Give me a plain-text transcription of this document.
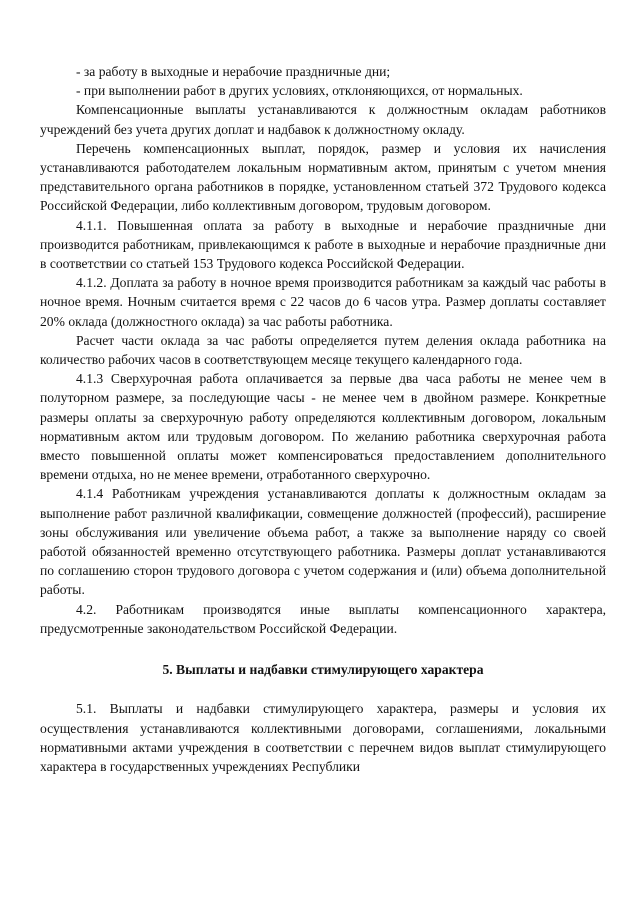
- за работу в выходные и нерабочие праздничные дни;

- при выполнении работ в других условиях, отклоняющихся, от нормальных.

Компенсационные выплаты устанавливаются к должностным окладам работников учреждений без учета других доплат и надбавок к должностному окладу.

Перечень компенсационных выплат, порядок, размер и условия их начисления устанавливаются работодателем локальным нормативным актом, принятым с учетом мнения представительного органа работников в порядке, установленном статьей 372 Трудового кодекса Российской Федерации, либо коллективным договором, трудовым договором.

4.1.1. Повышенная оплата за работу в выходные и нерабочие праздничные дни производится работникам, привлекающимся к работе в выходные и нерабочие праздничные дни в соответствии со статьей 153 Трудового кодекса Российской Федерации.

4.1.2. Доплата за работу в ночное время производится работникам за каждый час работы в ночное время. Ночным считается время с 22 часов до 6 часов утра. Размер доплаты составляет 20% оклада (должностного оклада) за час работы работника.

Расчет части оклада за час работы определяется путем деления оклада работника на количество рабочих часов в соответствующем месяце текущего календарного года.

4.1.3 Сверхурочная работа оплачивается за первые два часа работы не менее чем в полуторном размере, за последующие часы - не менее чем в двойном размере. Конкретные размеры оплаты за сверхурочную работу определяются коллективным договором, локальным нормативным актом или трудовым договором. По желанию работника сверхурочная работа вместо повышенной оплаты может компенсироваться предоставлением дополнительного времени отдыха, но не менее времени, отработанного сверхурочно.

4.1.4 Работникам учреждения устанавливаются доплаты к должностным окладам за выполнение работ различной квалификации, совмещение должностей (профессий), расширение зоны обслуживания или увеличение объема работ, а также за выполнение наряду со своей работой обязанностей временно отсутствующего работника. Размеры доплат устанавливаются по соглашению сторон трудового договора с учетом содержания и (или) объема дополнительной работы.

4.2. Работникам производятся иные выплаты компенсационного характера, предусмотренные законодательством Российской Федерации.

5. Выплаты и надбавки стимулирующего характера

5.1. Выплаты и надбавки стимулирующего характера, размеры и условия их осуществления устанавливаются коллективными договорами, соглашениями, локальными нормативными актами учреждения в соответствии с перечнем видов выплат стимулирующего характера в государственных учреждениях Республики
